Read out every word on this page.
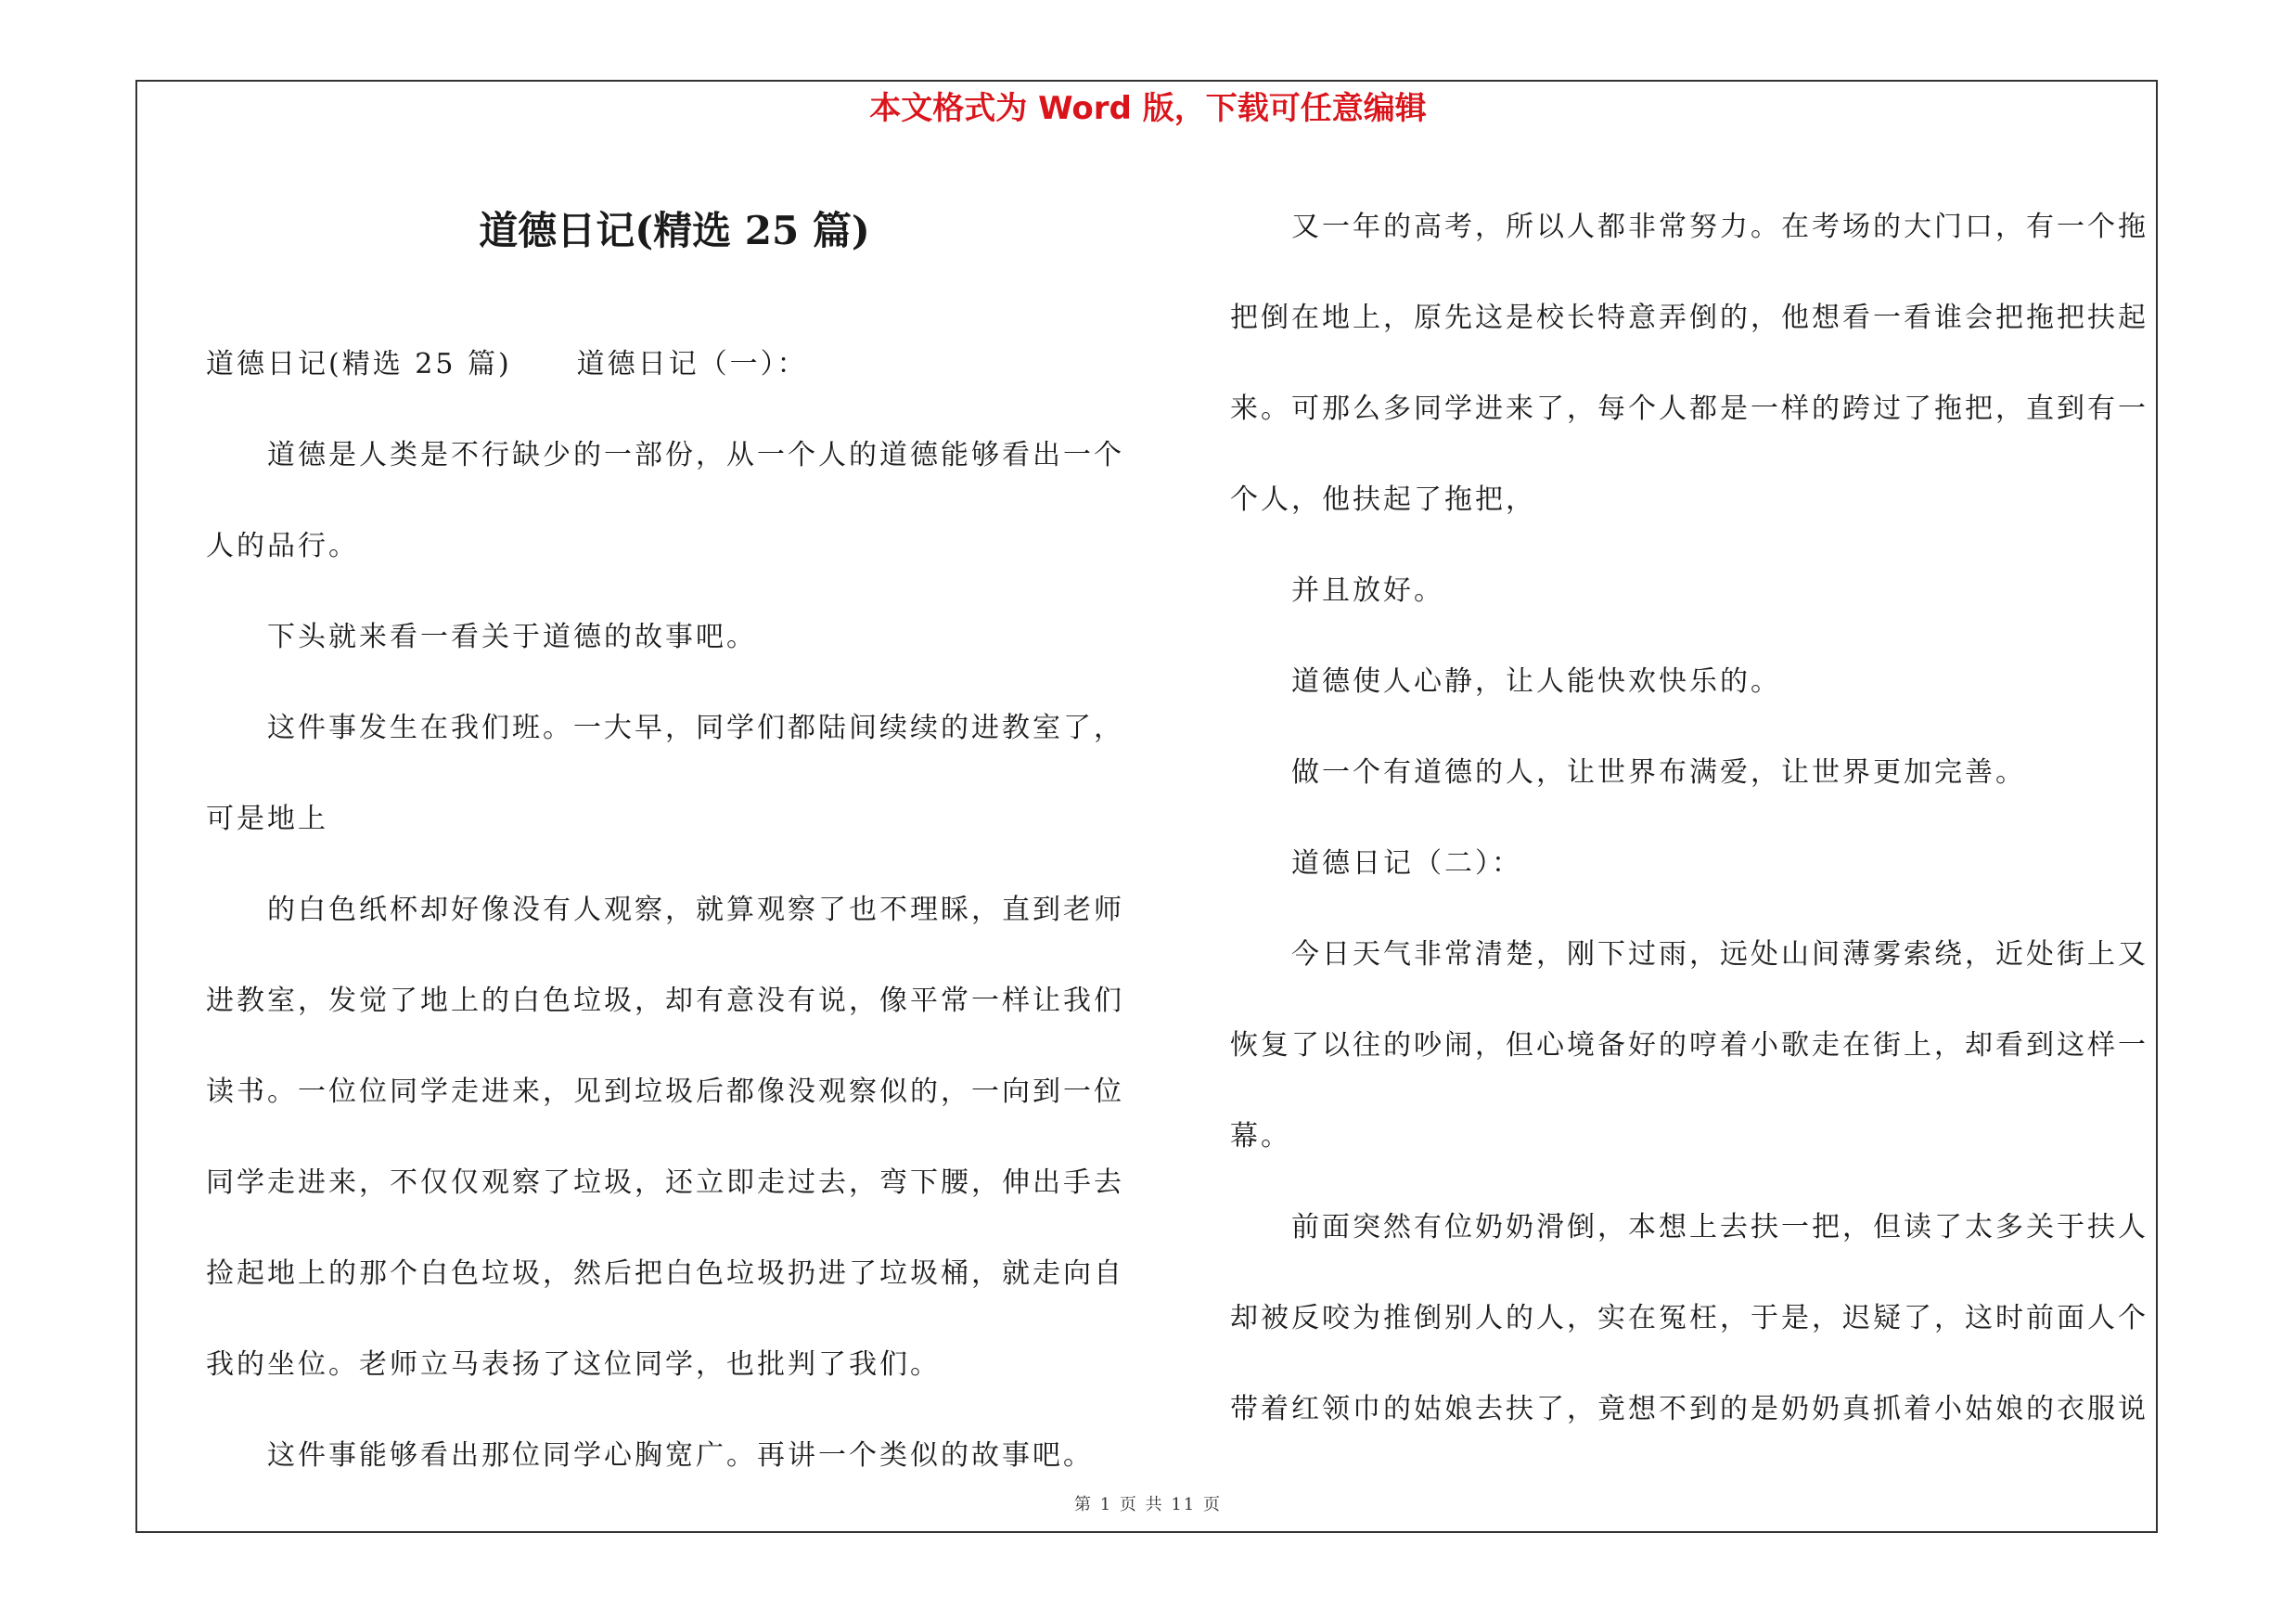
本文格式为 Word 版，下载可任意编辑
道德日记(精选 25 篇)

道德日记(精选 25 篇) 道德日记（一）：

道德是人类是不行缺少的一部份，从一个人的道德能够看出一个

人的品行。

下头就来看一看关于道德的故事吧。

这件事发生在我们班。一大早，同学们都陆间续续的进教室了，

可是地上

的白色纸杯却好像没有人观察，就算观察了也不理睬，直到老师

进教室，发觉了地上的白色垃圾，却有意没有说，像平常一样让我们

读书。一位位同学走进来，见到垃圾后都像没观察似的，一向到一位

同学走进来，不仅仅观察了垃圾，还立即走过去，弯下腰，伸出手去

捡起地上的那个白色垃圾，然后把白色垃圾扔进了垃圾桶，就走向自

我的坐位。老师立马表扬了这位同学，也批判了我们。

这件事能够看出那位同学心胸宽广。再讲一个类似的故事吧。

又一年的高考，所以人都非常努力。在考场的大门口，有一个拖

把倒在地上，原先这是校长特意弄倒的，他想看一看谁会把拖把扶起

来。可那么多同学进来了，每个人都是一样的跨过了拖把，直到有一

个人，他扶起了拖把，

并且放好。

道德使人心静，让人能快欢快乐的。

做一个有道德的人，让世界布满爱，让世界更加完善。

道德日记（二）：

今日天气非常清楚，刚下过雨，远处山间薄雾索绕，近处街上又

恢复了以往的吵闹，但心境备好的哼着小歌走在街上，却看到这样一

幕。

前面突然有位奶奶滑倒，本想上去扶一把，但读了太多关于扶人

却被反咬为推倒别人的人，实在冤枉，于是，迟疑了，这时前面人个

带着红领巾的姑娘去扶了，竟想不到的是奶奶真抓着小姑娘的衣服说

第 1 页 共 11 页
